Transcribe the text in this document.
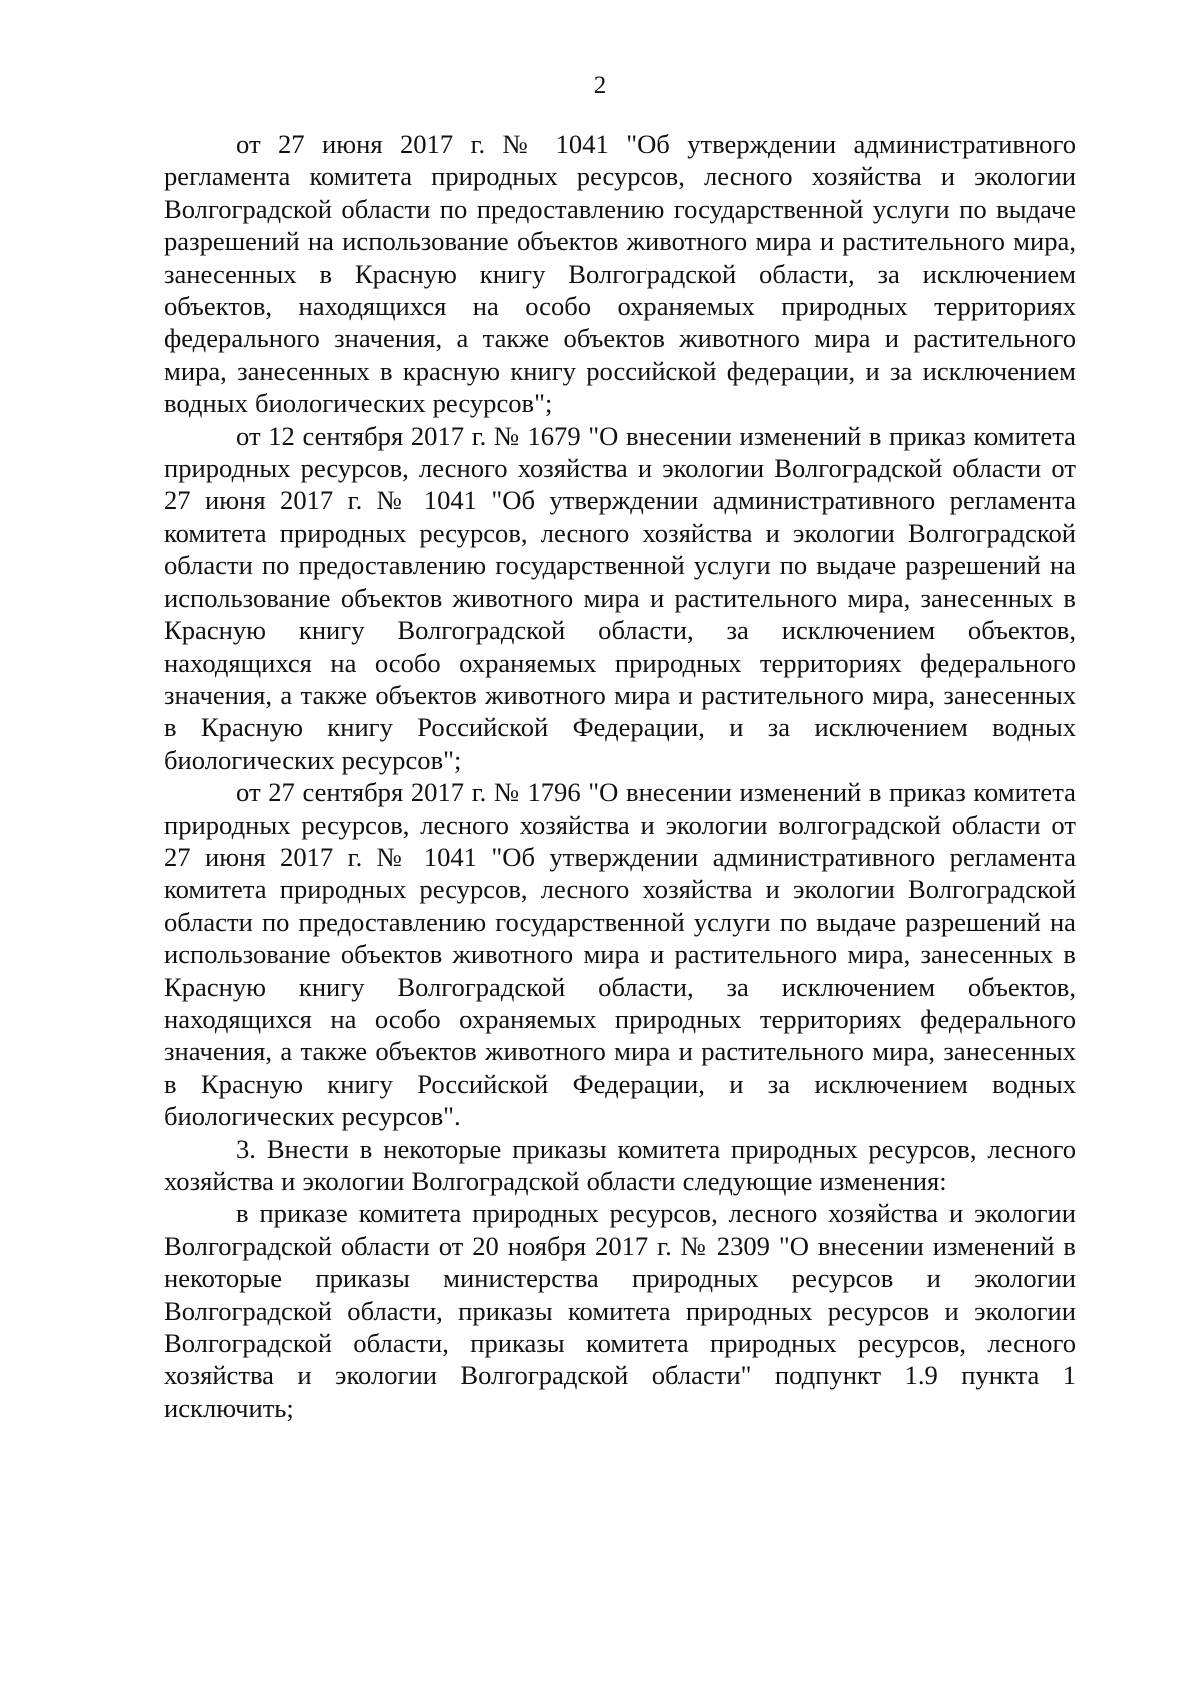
2

от 27 июня 2017 г. № 1041 "Об утверждении административного регламента комитета природных ресурсов, лесного хозяйства и экологии Волгоградской области по предоставлению государственной услуги по выдаче разрешений на использование объектов животного мира и растительного мира, занесенных в Красную книгу Волгоградской области, за исключением объектов, находящихся на особо охраняемых природных территориях федерального значения, а также объектов животного мира и растительного мира, занесенных в красную книгу российской федерации, и за исключением водных биологических ресурсов";

от 12 сентября 2017 г. № 1679 "О внесении изменений в приказ комитета природных ресурсов, лесного хозяйства и экологии Волгоградской области от 27 июня 2017 г. № 1041 "Об утверждении административного регламента комитета природных ресурсов, лесного хозяйства и экологии Волгоградской области по предоставлению государственной услуги по выдаче разрешений на использование объектов животного мира и растительного мира, занесенных в Красную книгу Волгоградской области, за исключением объектов, находящихся на особо охраняемых природных территориях федерального значения, а также объектов животного мира и растительного мира, занесенных в Красную книгу Российской Федерации, и за исключением водных биологических ресурсов";

от 27 сентября 2017 г. № 1796 "О внесении изменений в приказ комитета природных ресурсов, лесного хозяйства и экологии волгоградской области от 27 июня 2017 г. № 1041 "Об утверждении административного регламента комитета природных ресурсов, лесного хозяйства и экологии Волгоградской области по предоставлению государственной услуги по выдаче разрешений на использование объектов животного мира и растительного мира, занесенных в Красную книгу Волгоградской области, за исключением объектов, находящихся на особо охраняемых природных территориях федерального значения, а также объектов животного мира и растительного мира, занесенных в Красную книгу Российской Федерации, и за исключением водных биологических ресурсов".

3. Внести в некоторые приказы комитета природных ресурсов, лесного хозяйства и экологии Волгоградской области следующие изменения:

в приказе комитета природных ресурсов, лесного хозяйства и экологии Волгоградской области от 20 ноября 2017 г. № 2309 "О внесении изменений в некоторые приказы министерства природных ресурсов и экологии Волгоградской области, приказы комитета природных ресурсов и экологии Волгоградской области, приказы комитета природных ресурсов, лесного хозяйства и экологии Волгоградской области" подпункт 1.9 пункта 1 исключить;
